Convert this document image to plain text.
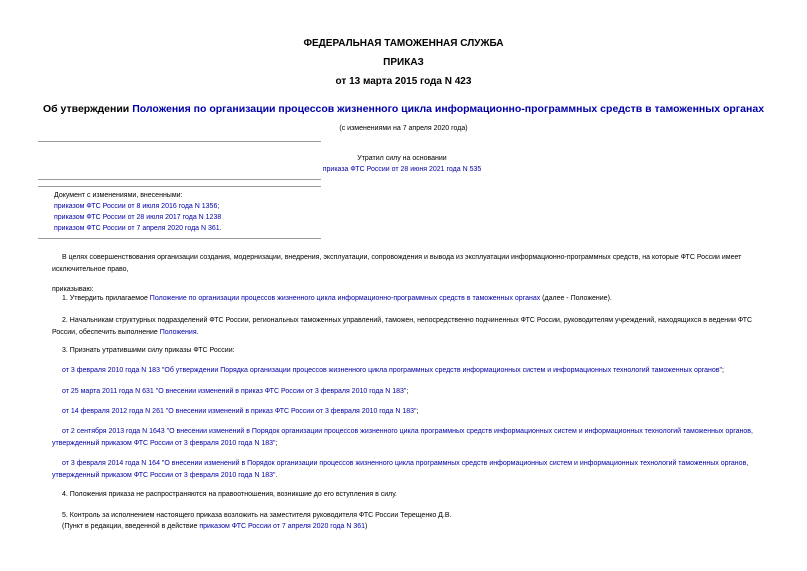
ФЕДЕРАЛЬНАЯ ТАМОЖЕННАЯ СЛУЖБА
ПРИКАЗ
от 13 марта 2015 года N 423
Об утверждении Положения по организации процессов жизненного цикла информационно-программных средств в таможенных органах
(с изменениями на 7 апреля 2020 года)
Утратил силу на основании
приказа ФТС России от 28 июня 2021 года N 535
Документ с изменениями, внесенными:
приказом ФТС России от 8 июля 2016 года N 1356;
приказом ФТС России от 28 июля 2017 года N 1238
приказом ФТС России от 7 апреля 2020 года N 361.
В целях совершенствования организации создания, модернизации, внедрения, эксплуатации, сопровождения и вывода из эксплуатации информационно-программных средств, на которые ФТС России имеет исключительное право,
приказываю:
1. Утвердить прилагаемое Положение по организации процессов жизненного цикла информационно-программных средств в таможенных органах (далее - Положение).
2. Начальникам структурных подразделений ФТС России, региональных таможенных управлений, таможен, непосредственно подчиненных ФТС России, руководителям учреждений, находящихся в ведении ФТС России, обеспечить выполнение Положения.
3. Признать утратившими силу приказы ФТС России:
от 3 февраля 2010 года N 183 "Об утверждении Порядка организации процессов жизненного цикла программных средств информационных систем и информационных технологий таможенных органов";
от 25 марта 2011 года N 631 "О внесении изменений в приказ ФТС России от 3 февраля 2010 года N 183";
от 14 февраля 2012 года N 261 "О внесении изменений в приказ ФТС России от 3 февраля 2010 года N 183";
от 2 сентября 2013 года N 1643 "О внесении изменений в Порядок организации процессов жизненного цикла программных средств информационных систем и информационных технологий таможенных органов, утвержденный приказом ФТС России от 3 февраля 2010 года N 183";
от 3 февраля 2014 года N 164 "О внесении изменений в Порядок организации процессов жизненного цикла программных средств информационных систем и информационных технологий таможенных органов, утвержденный приказом ФТС России от 3 февраля 2010 года N 183".
4. Положения приказа не распространяются на правоотношения, возникшие до его вступления в силу.
5. Контроль за исполнением настоящего приказа возложить на заместителя руководителя ФТС России Терещенко Д.В.
(Пункт в редакции, введенной в действие приказом ФТС России от 7 апреля 2020 года N 361)
